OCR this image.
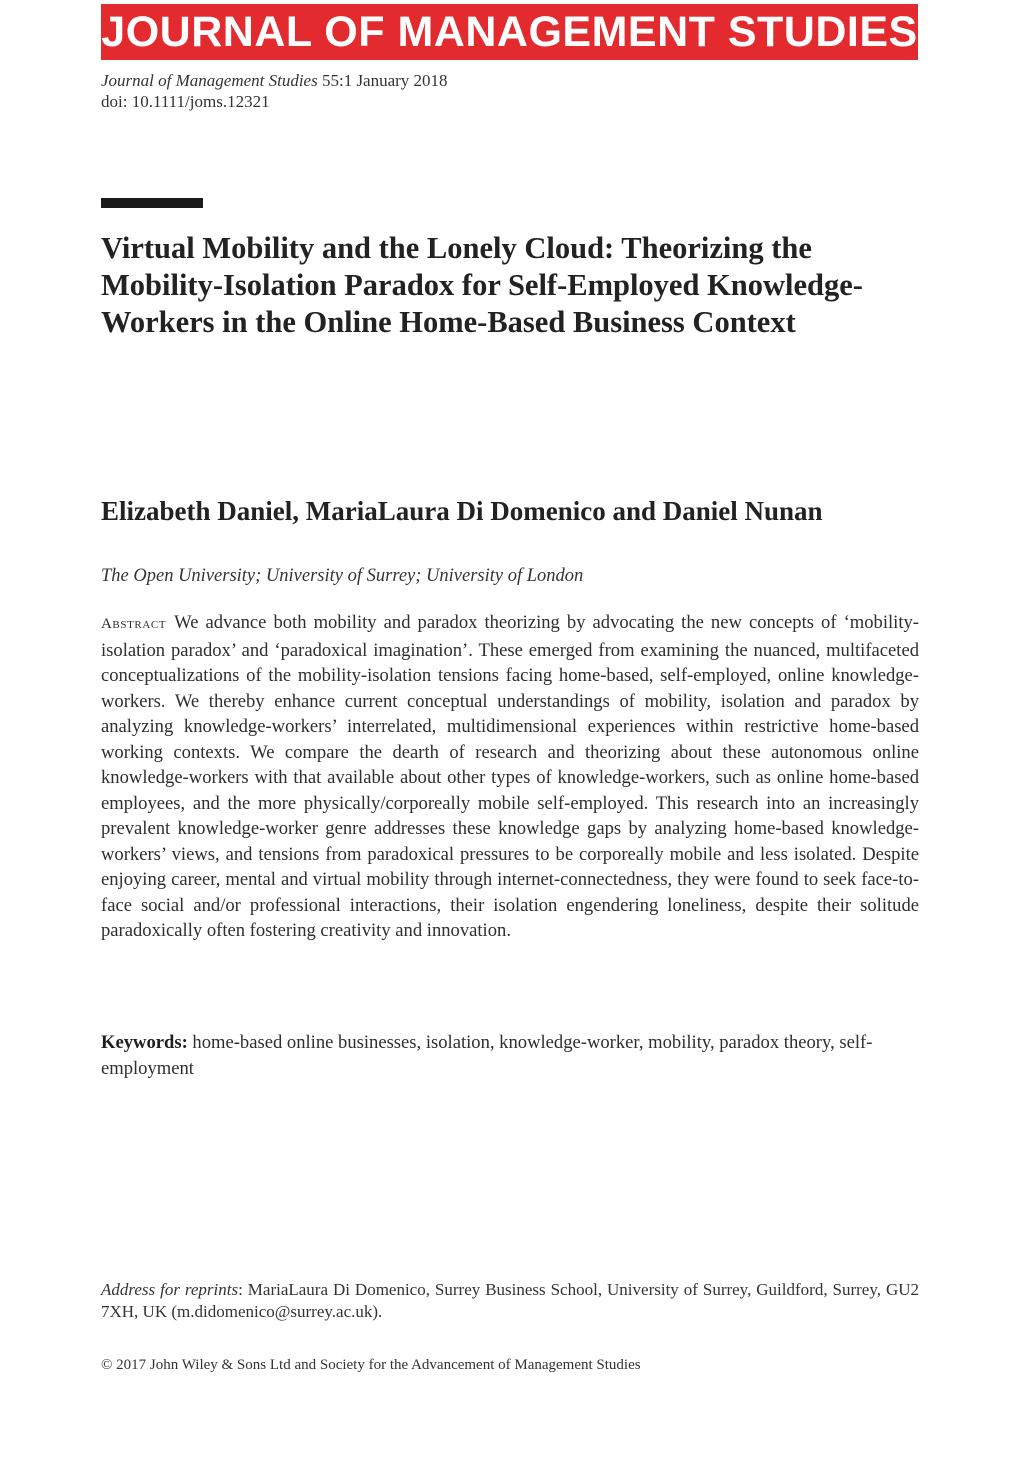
JOURNAL OF MANAGEMENT STUDIES
Journal of Management Studies 55:1 January 2018
doi: 10.1111/joms.12321
Virtual Mobility and the Lonely Cloud: Theorizing the Mobility-Isolation Paradox for Self-Employed Knowledge-Workers in the Online Home-Based Business Context
Elizabeth Daniel, MariaLaura Di Domenico and Daniel Nunan
The Open University; University of Surrey; University of London

Abstract We advance both mobility and paradox theorizing by advocating the new concepts of ‘mobility-isolation paradox’ and ‘paradoxical imagination’. These emerged from examining the nuanced, multifaceted conceptualizations of the mobility-isolation tensions facing home-based, self-employed, online knowledge-workers. We thereby enhance current conceptual understandings of mobility, isolation and paradox by analyzing knowledge-workers’ interrelated, multidimensional experiences within restrictive home-based working contexts. We compare the dearth of research and theorizing about these autonomous online knowledge-workers with that available about other types of knowledge-workers, such as online home-based employees, and the more physically/corporeally mobile self-employed. This research into an increasingly prevalent knowledge-worker genre addresses these knowledge gaps by analyzing home-based knowledge-workers’ views, and tensions from paradoxical pressures to be corporeally mobile and less isolated. Despite enjoying career, mental and virtual mobility through internet-connectedness, they were found to seek face-to-face social and/or professional interactions, their isolation engendering loneliness, despite their solitude paradoxically often fostering creativity and innovation.

Keywords: home-based online businesses, isolation, knowledge-worker, mobility, paradox theory, self-employment

Address for reprints: MariaLaura Di Domenico, Surrey Business School, University of Surrey, Guildford, Surrey, GU2 7XH, UK (m.didomenico@surrey.ac.uk).

© 2017 John Wiley & Sons Ltd and Society for the Advancement of Management Studies
